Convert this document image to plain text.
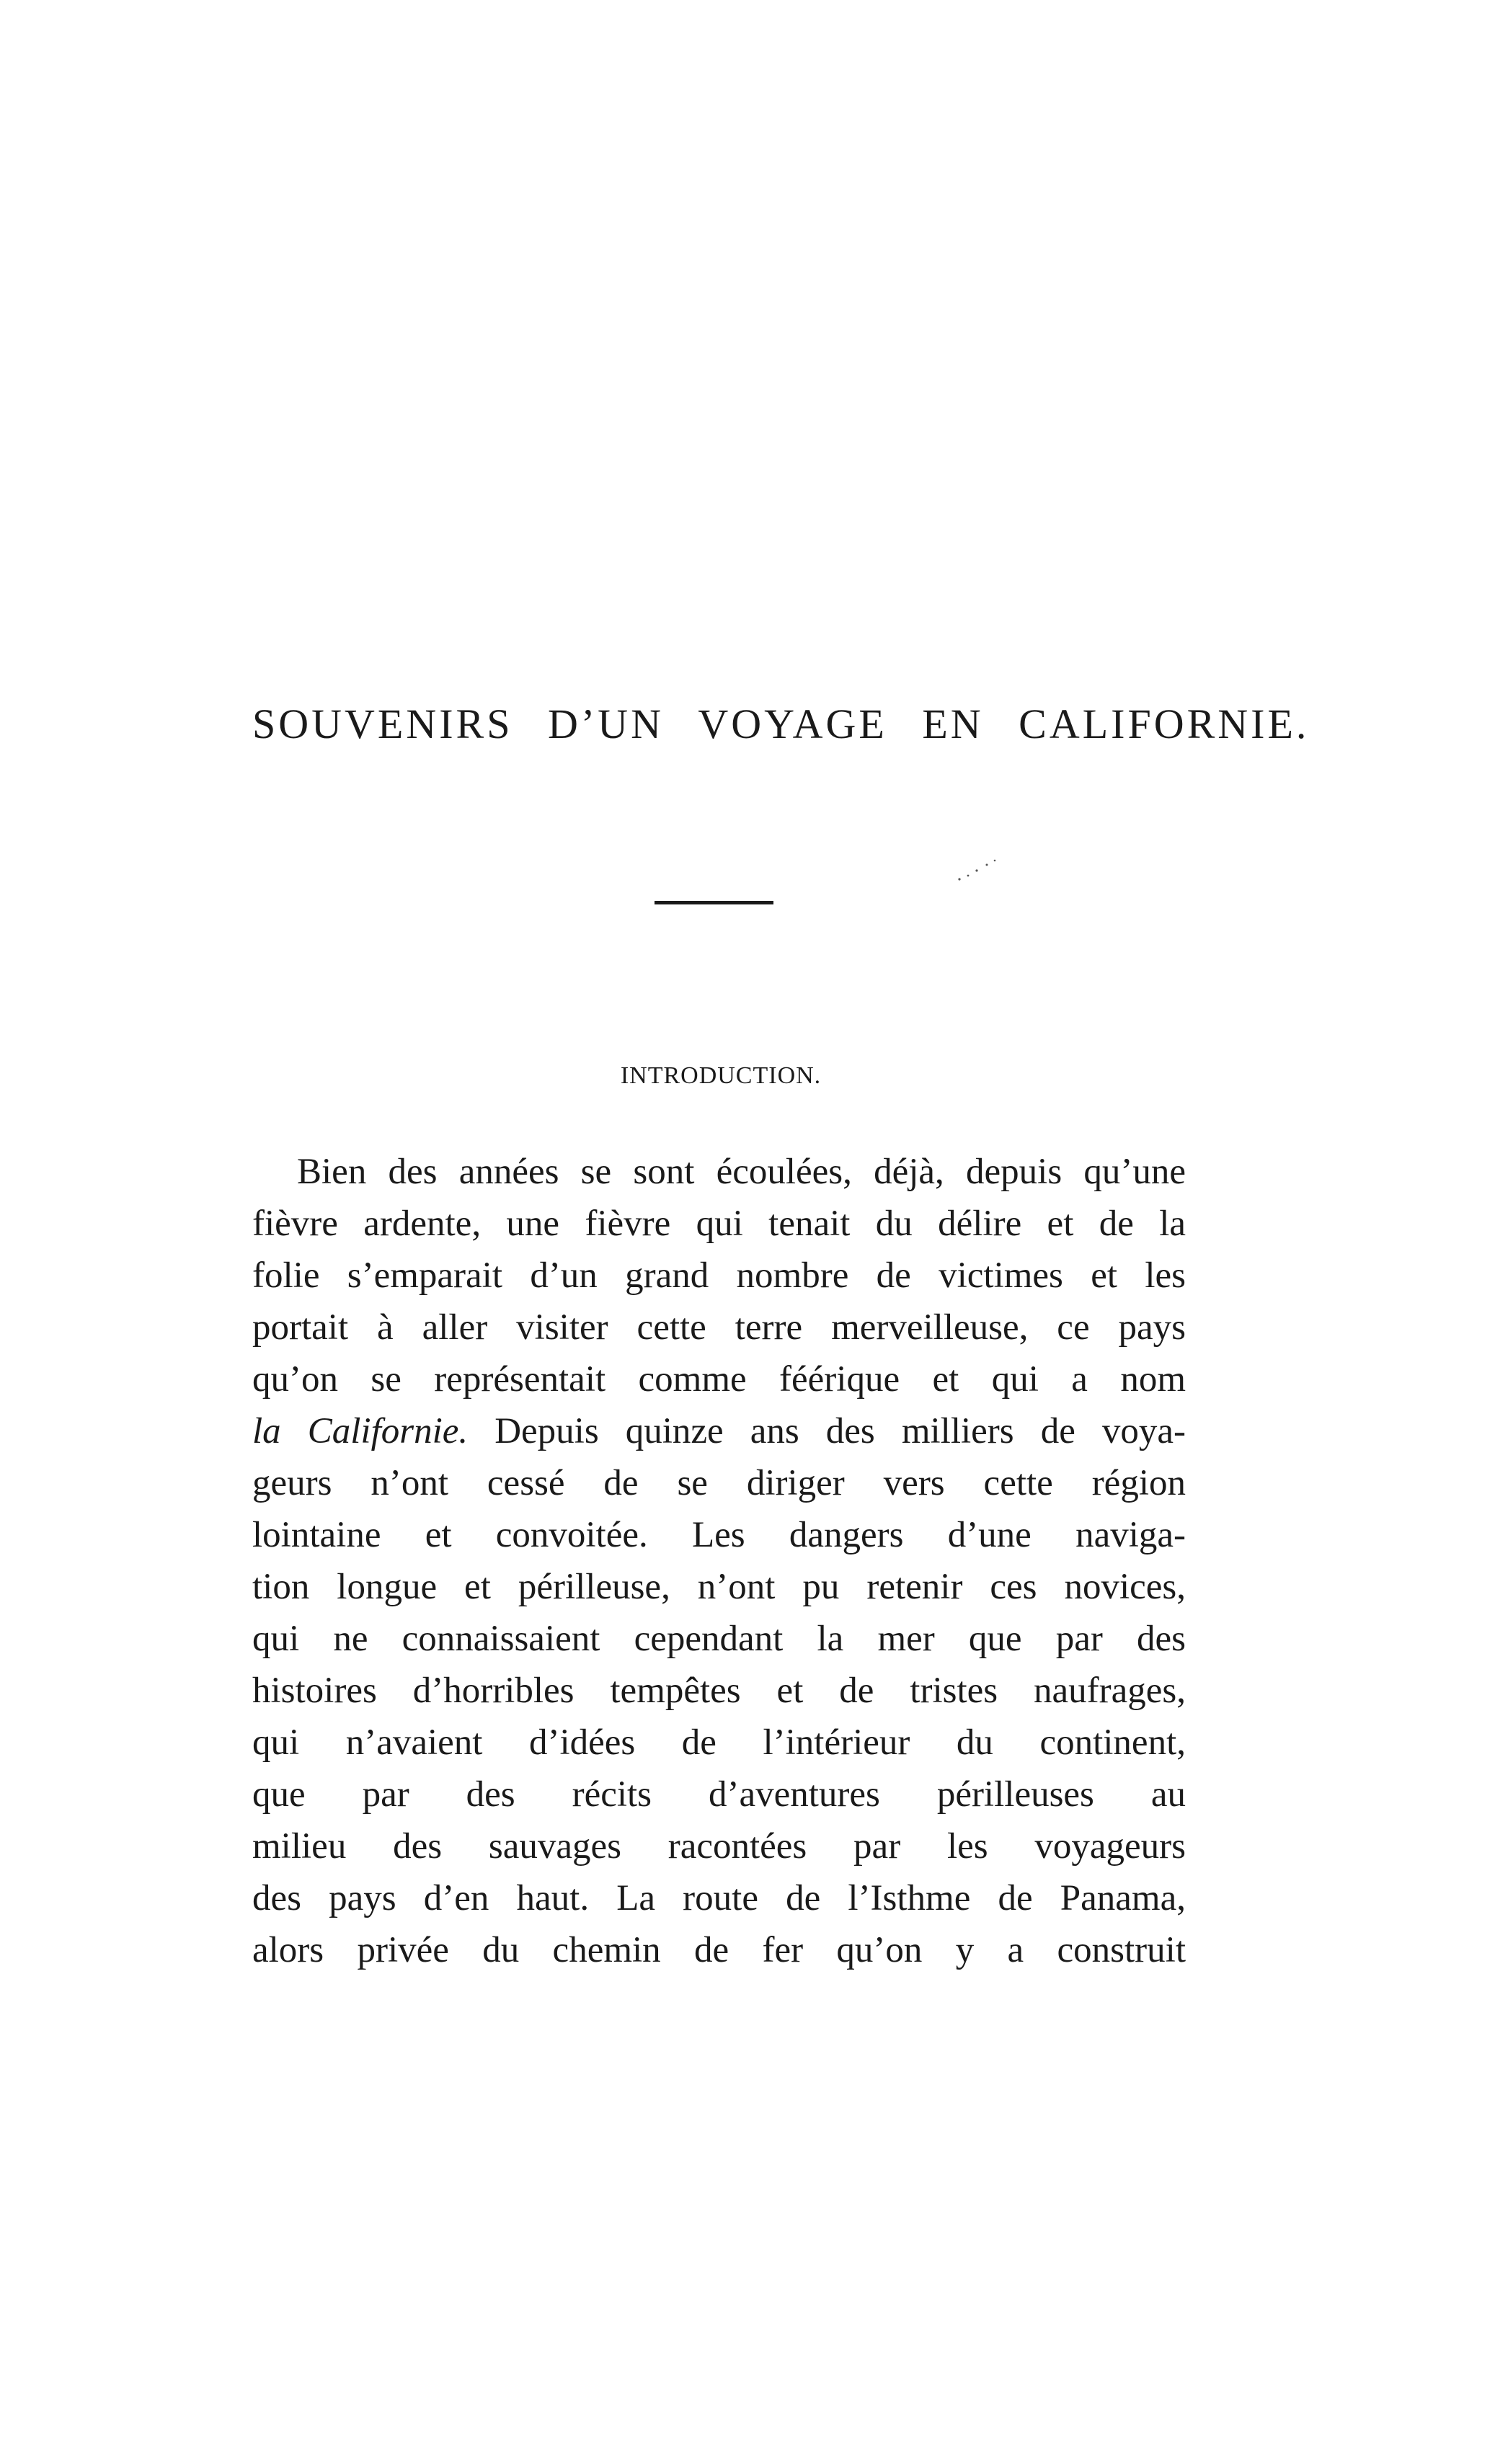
SOUVENIRS D’UN VOYAGE EN CALIFORNIE.
INTRODUCTION.
Bien des années se sont écoulées, déjà, depuis qu’une
fièvre ardente, une fièvre qui tenait du délire et de la
folie s’emparait d’un grand nombre de victimes et les
portait à aller visiter cette terre merveilleuse, ce pays
qu’on se représentait comme féérique et qui a nom
la Californie. Depuis quinze ans des milliers de voya-
geurs n’ont cessé de se diriger vers cette région
lointaine et convoitée. Les dangers d’une naviga-
tion longue et périlleuse, n’ont pu retenir ces novices,
qui ne connaissaient cependant la mer que par des
histoires d’horribles tempêtes et de tristes naufrages,
qui n’avaient d’idées de l’intérieur du continent,
que par des récits d’aventures périlleuses au
milieu des sauvages racontées par les voyageurs
des pays d’en haut. La route de l’Isthme de Panama,
alors privée du chemin de fer qu’on y a construit
